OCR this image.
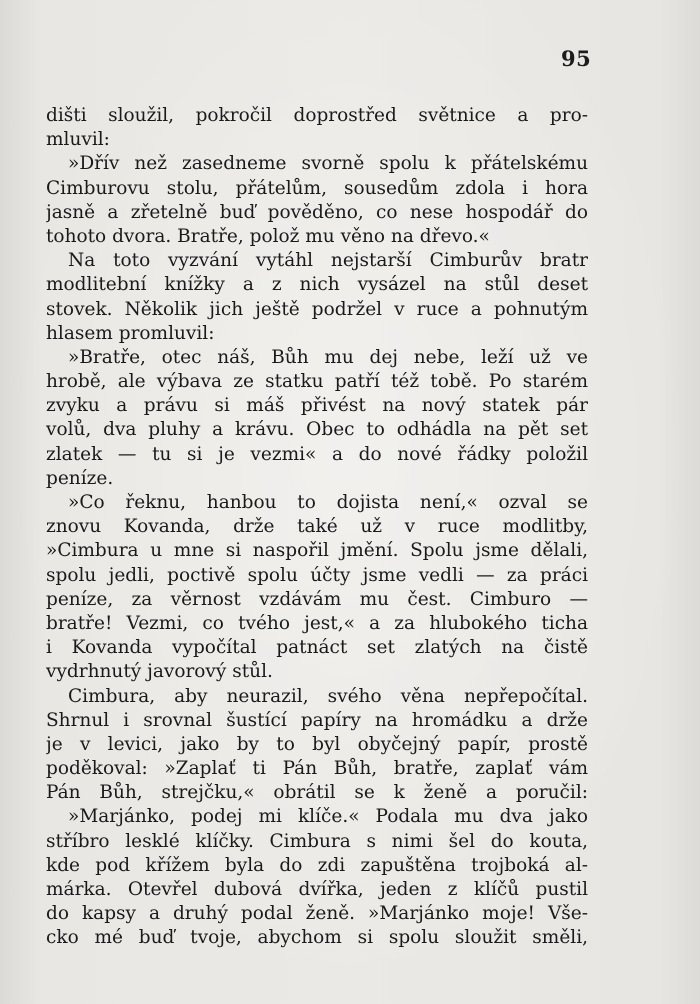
95
dišti sloužil, pokročil doprostřed světnice a pro-
mluvil:
»Dřív než zasedneme svorně spolu k přátelskému
Cimburovu stolu, přátelům, sousedům zdola i hora
jasně a zřetelně buď pověděno, co nese hospodář do
tohoto dvora. Bratře, polož mu věno na dřevo.«
Na toto vyzvání vytáhl nejstarší Cimburův bratr
modlitební knížky a z nich vysázel na stůl deset
stovek. Několik jich ještě podržel v ruce a pohnutým
hlasem promluvil:
»Bratře, otec náš, Bůh mu dej nebe, leží už ve
hrobě, ale výbava ze statku patří též tobě. Po starém
zvyku a právu si máš přivést na nový statek pár
volů, dva pluhy a krávu. Obec to odhádla na pět set
zlatek — tu si je vezmi« a do nové řádky položil
peníze.
»Co řeknu, hanbou to dojista není,« ozval se
znovu Kovanda, drže také už v ruce modlitby,
»Cimbura u mne si naspořil jmění. Spolu jsme dělali,
spolu jedli, poctivě spolu účty jsme vedli — za práci
peníze, za věrnost vzdávám mu čest. Cimburo —
bratře! Vezmi, co tvého jest,« a za hlubokého ticha
i Kovanda vypočítal patnáct set zlatých na čistě
vydrhnutý javorový stůl.
Cimbura, aby neurazil, svého věna nepřepočítal.
Shrnul i srovnal šustící papíry na hromádku a drže
je v levici, jako by to byl obyčejný papír, prostě
poděkoval: »Zaplať ti Pán Bůh, bratře, zaplať vám
Pán Bůh, strejčku,« obrátil se k ženě a poručil:
»Marjánko, podej mi klíče.« Podala mu dva jako
stříbro lesklé klíčky. Cimbura s nimi šel do kouta,
kde pod křížem byla do zdi zapuštěna trojboká al-
márka. Otevřel dubová dvířka, jeden z klíčů pustil
do kapsy a druhý podal ženě. »Marjánko moje! Vše-
cko mé buď tvoje, abychom si spolu sloužit směli,
